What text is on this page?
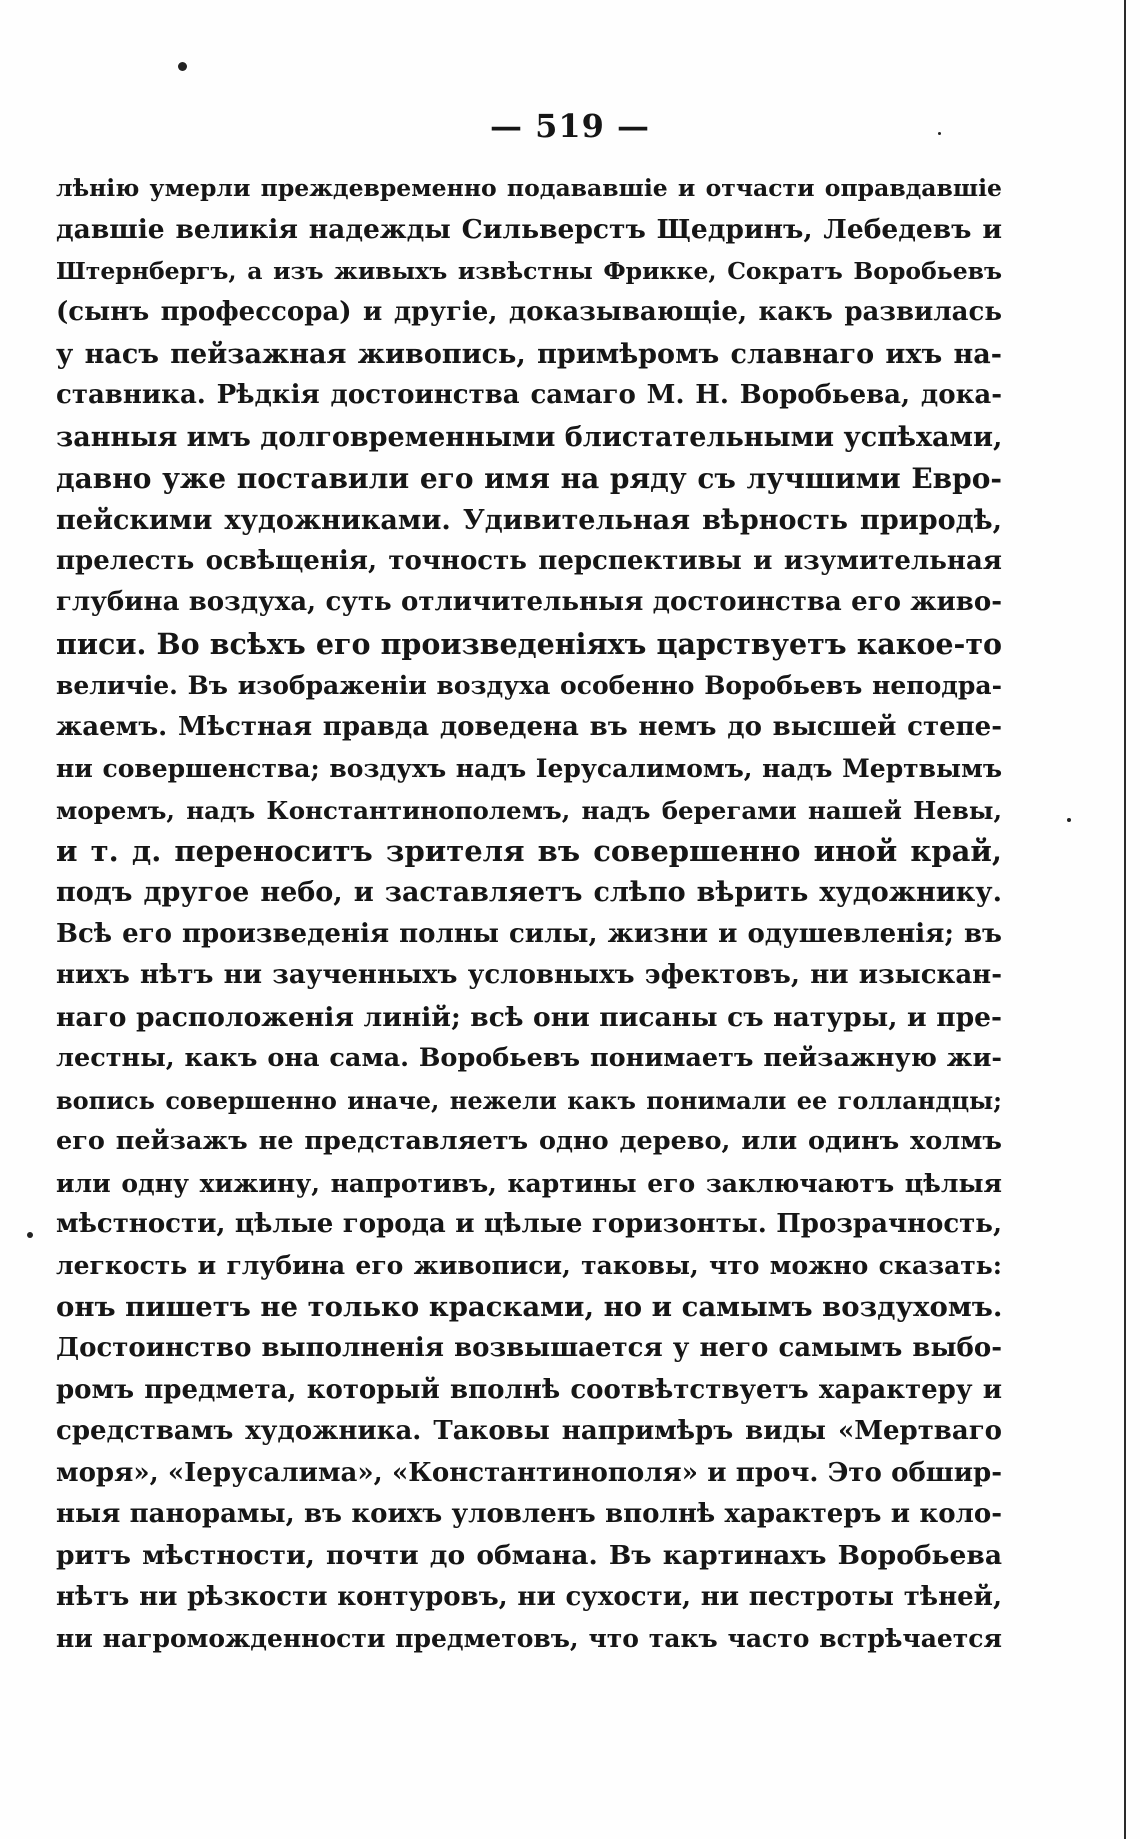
— 519 —
лѣнію умерли преждевременно подававшіе и отчасти оправдавшіе
давшіе великія надежды Сильверстъ Щедринъ, Лебедевъ и
Штернбергъ, а изъ живыхъ извѣстны Фрикке, Сократъ Воробьевъ
(сынъ профессора) и другіе, доказывающіе, какъ развилась
у насъ пейзажная живопись, примѣромъ славнаго ихъ на-
ставника. Рѣдкія достоинства самаго М. Н. Воробьева, дока-
занныя имъ долговременными блистательными успѣхами,
давно уже поставили его имя на ряду съ лучшими Евро-
пейскими художниками. Удивительная вѣрность природѣ,
прелесть освѣщенія, точность перспективы и изумительная
глубина воздуха, суть отличительныя достоинства его живо-
писи. Во всѣхъ его произведеніяхъ царствуетъ какое-то
величіе. Въ изображеніи воздуха особенно Воробьевъ неподра-
жаемъ. Мѣстная правда доведена въ немъ до высшей степе-
ни совершенства; воздухъ надъ Іерусалимомъ, надъ Мертвымъ
моремъ, надъ Константинополемъ, надъ берегами нашей Невы,
и т. д. переноситъ зрителя въ совершенно иной край,
подъ другое небо, и заставляетъ слѣпо вѣрить художнику.
Всѣ его произведенія полны силы, жизни и одушевленія; въ
нихъ нѣтъ ни заученныхъ условныхъ эфектовъ, ни изыскан-
наго расположенія линій; всѣ они писаны съ натуры, и пре-
лестны, какъ она сама. Воробьевъ понимаетъ пейзажную жи-
вопись совершенно иначе, нежели какъ понимали ее голландцы;
его пейзажъ не представляетъ одно дерево, или одинъ холмъ
или одну хижину, напротивъ, картины его заключаютъ цѣлыя
мѣстности, цѣлые города и цѣлые горизонты. Прозрачность,
легкость и глубина его живописи, таковы, что можно сказать:
онъ пишетъ не только красками, но и самымъ воздухомъ.
Достоинство выполненія возвышается у него самымъ выбо-
ромъ предмета, который вполнѣ соотвѣтствуетъ характеру и
средствамъ художника. Таковы напримѣръ виды «Мертваго
моря», «Іерусалима», «Константинополя» и проч. Это обшир-
ныя панорамы, въ коихъ уловленъ вполнѣ характеръ и коло-
ритъ мѣстности, почти до обмана. Въ картинахъ Воробьева
нѣтъ ни рѣзкости контуровъ, ни сухости, ни пестроты тѣней,
ни нагроможденности предметовъ, что такъ часто встрѣчается
